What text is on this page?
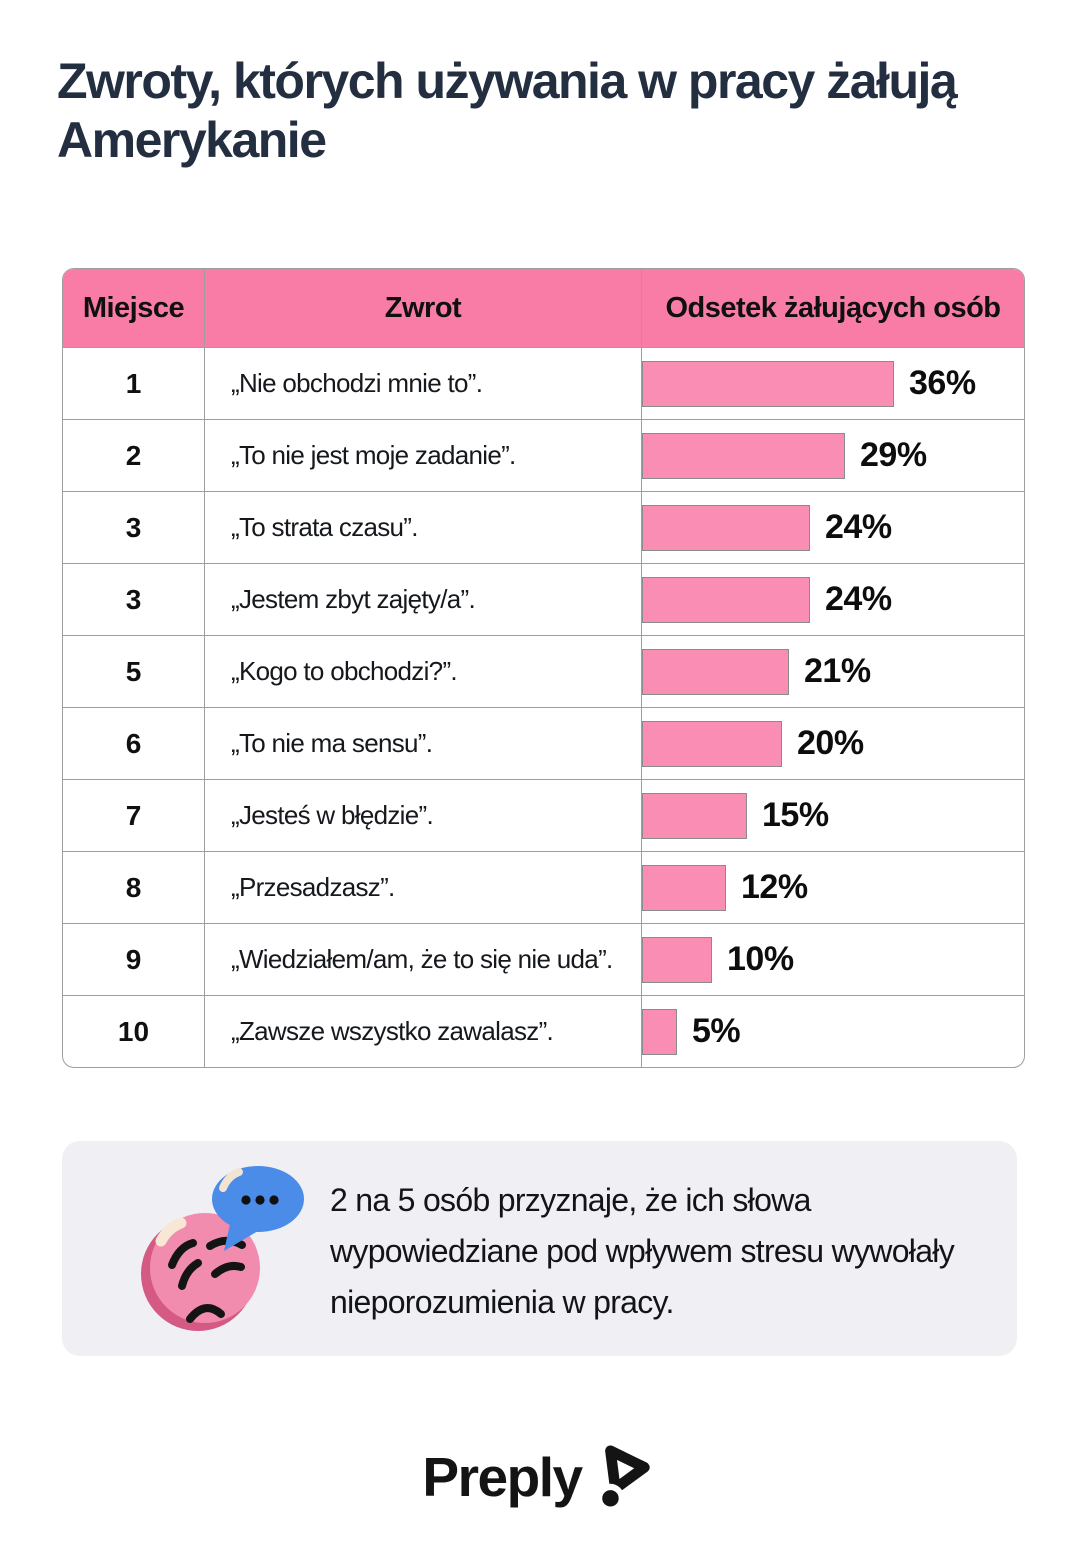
Zwroty, których używania w pracy żałują Amerykanie
Miejsce	Zwrot	Odsetek żałujących osób
1	„Nie obchodzi mnie to”.	36%
2	„To nie jest moje zadanie”.	29%
3	„To strata czasu”.	24%
3	„Jestem zbyt zajęty/a”.	24%
5	„Kogo to obchodzi?”.	21%
6	„To nie ma sensu”.	20%
7	„Jesteś w błędzie”.	15%
8	„Przesadzasz”.	12%
9	„Wiedziałem/am, że to się nie uda”.	10%
10	„Zawsze wszystko zawalasz”.	5%
2 na 5 osób przyznaje, że ich słowa wypowiedziane pod wpływem stresu wywołały nieporozumienia w pracy.
Preply
